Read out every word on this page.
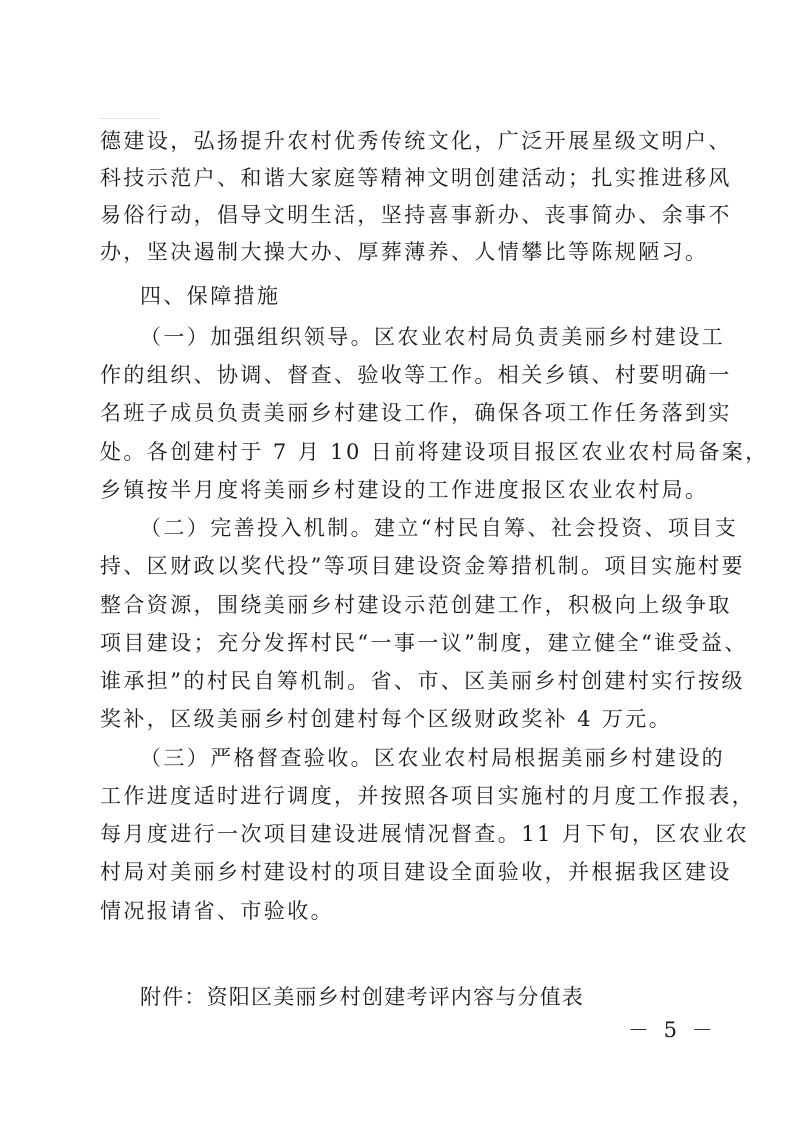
德建设，弘扬提升农村优秀传统文化，广泛开展星级文明户、
科技示范户、和谐大家庭等精神文明创建活动；扎实推进移风
易俗行动，倡导文明生活，坚持喜事新办、丧事简办、余事不
办，坚决遏制大操大办、厚葬薄养、人情攀比等陈规陋习。
四、保障措施
（一）加强组织领导。区农业农村局负责美丽乡村建设工
作的组织、协调、督查、验收等工作。相关乡镇、村要明确一
名班子成员负责美丽乡村建设工作，确保各项工作任务落到实
处。各创建村于 7 月 10 日前将建设项目报区农业农村局备案，
乡镇按半月度将美丽乡村建设的工作进度报区农业农村局。
（二）完善投入机制。建立“村民自筹、社会投资、项目支
持、区财政以奖代投”等项目建设资金筹措机制。项目实施村要
整合资源，围绕美丽乡村建设示范创建工作，积极向上级争取
项目建设；充分发挥村民“一事一议”制度，建立健全“谁受益、
谁承担”的村民自筹机制。省、市、区美丽乡村创建村实行按级
奖补，区级美丽乡村创建村每个区级财政奖补 4 万元。
（三）严格督查验收。区农业农村局根据美丽乡村建设的
工作进度适时进行调度，并按照各项目实施村的月度工作报表，
每月度进行一次项目建设进展情况督查。11 月下旬，区农业农
村局对美丽乡村建设村的项目建设全面验收，并根据我区建设
情况报请省、市验收。
附件：资阳区美丽乡村创建考评内容与分值表
－ 5 －
